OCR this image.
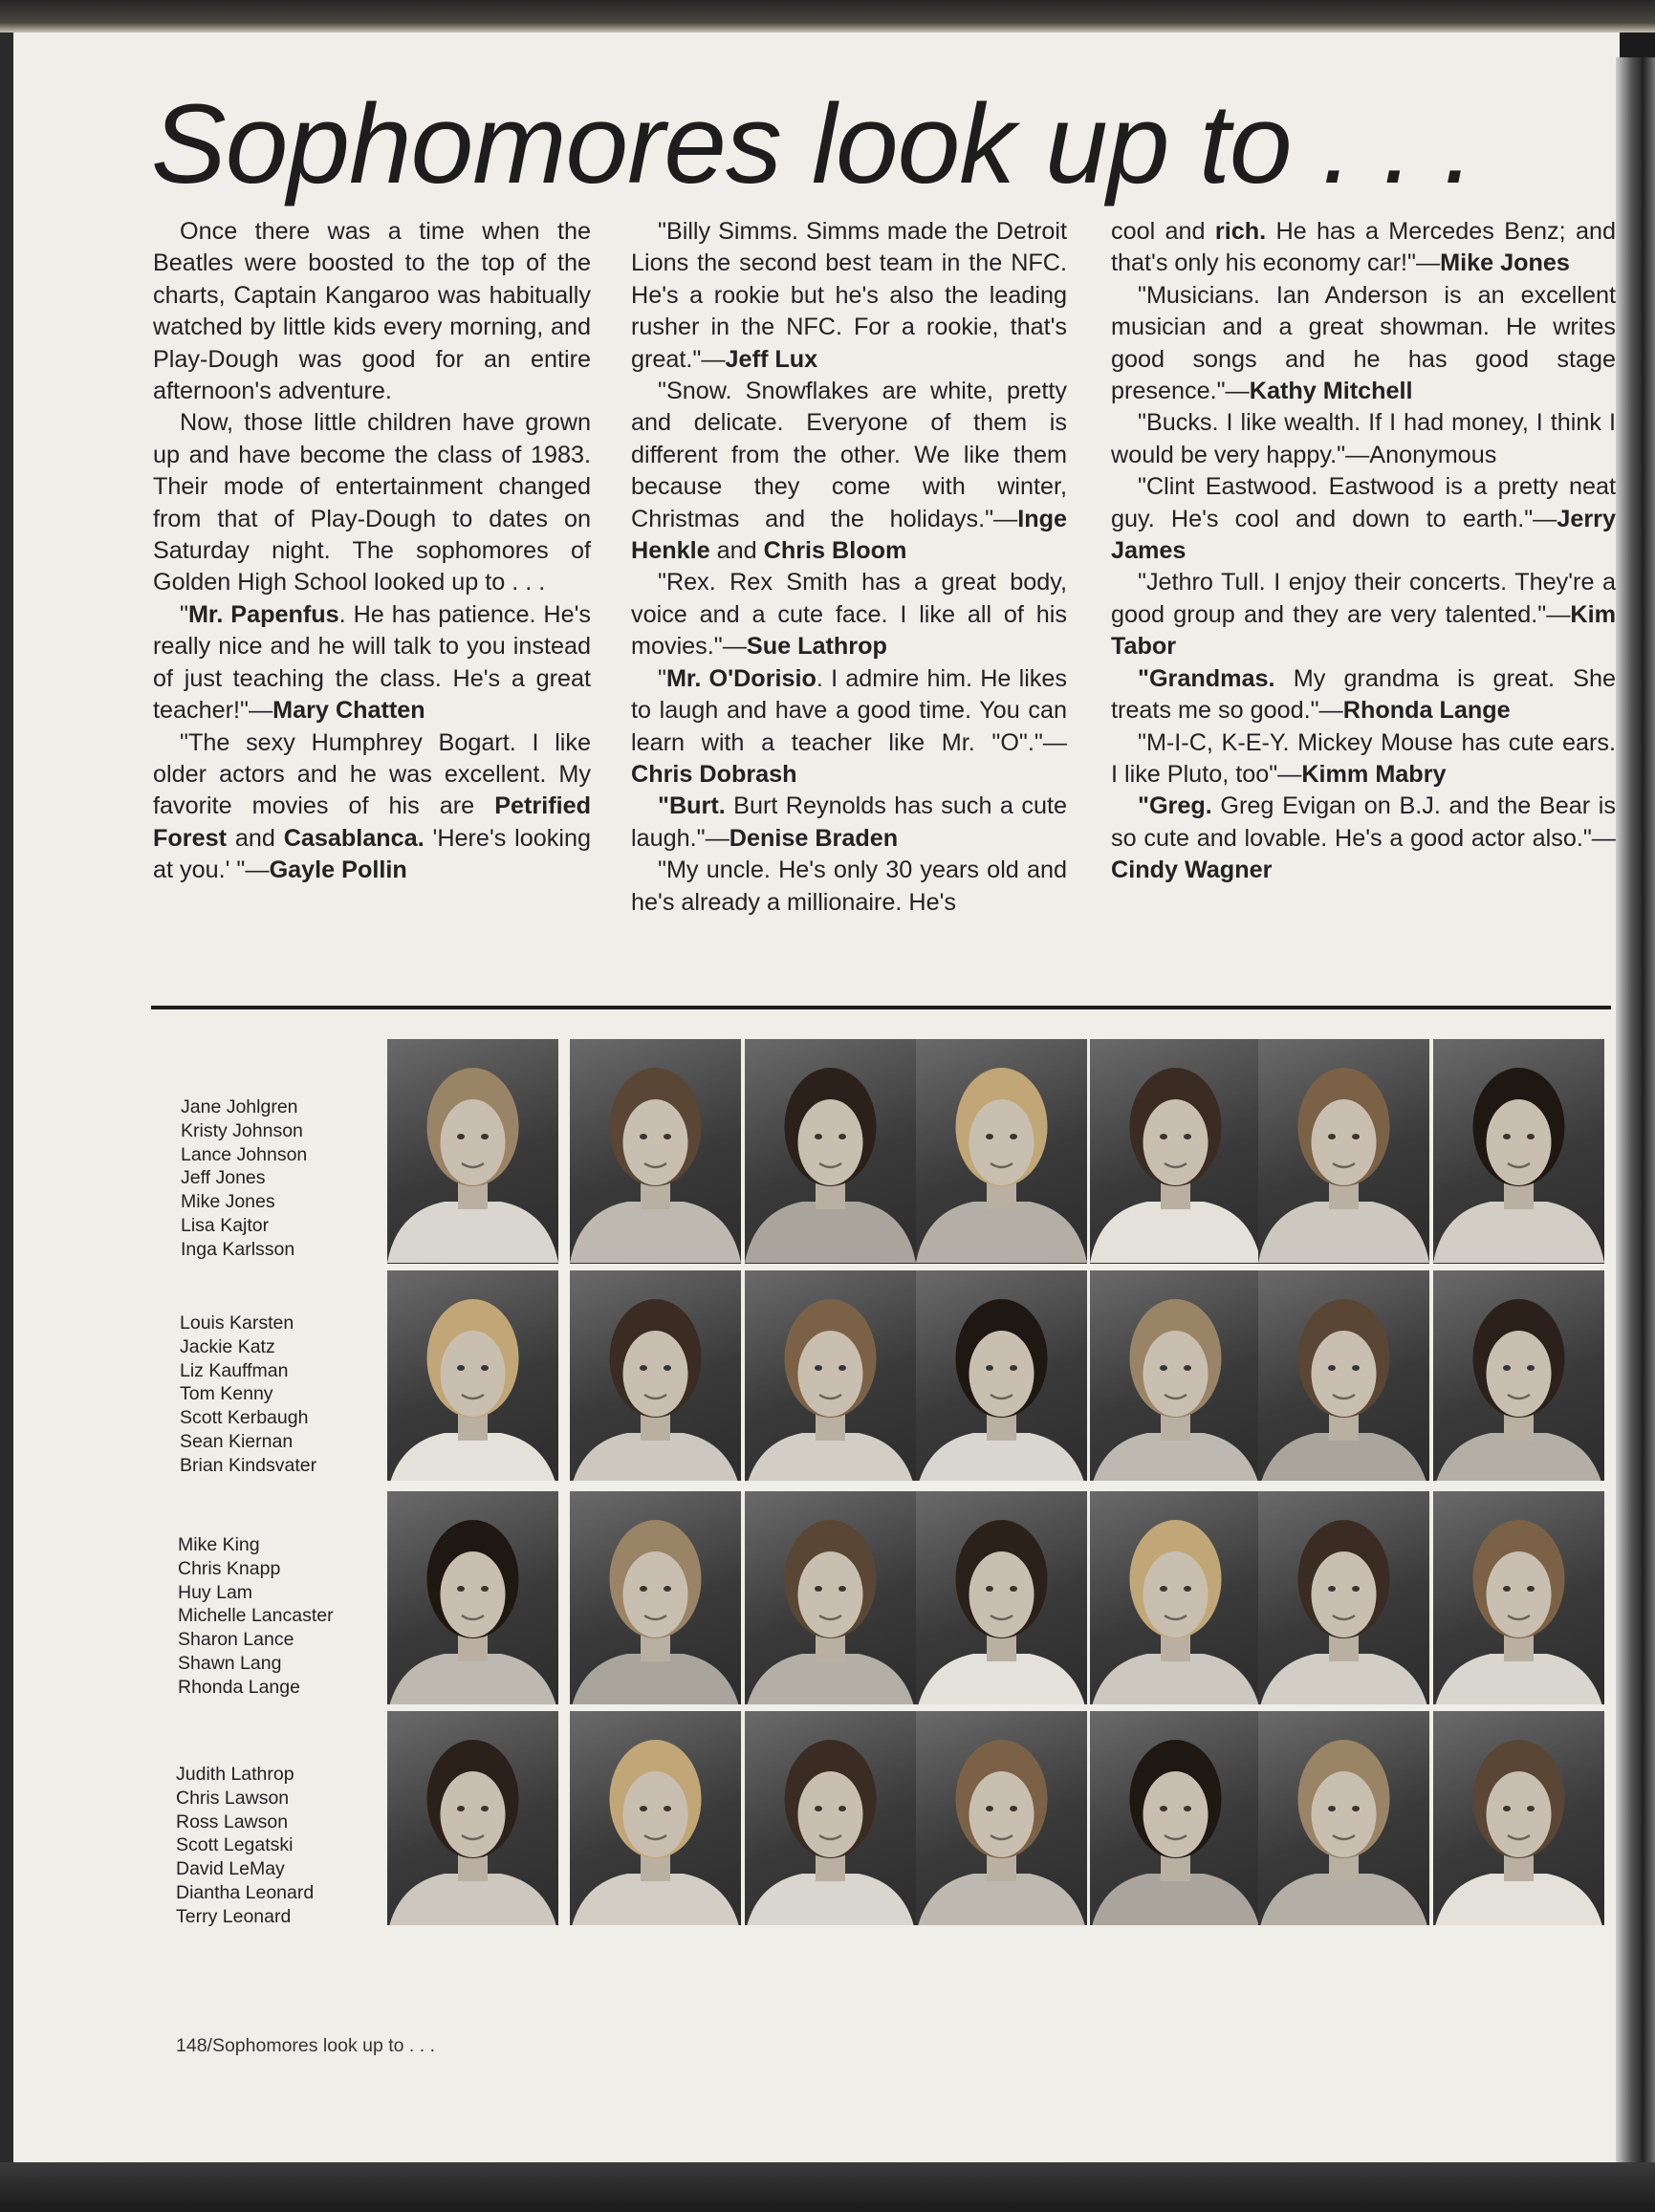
Sophomores look up to . . .

Once there was a time when the Beatles were boosted to the top of the charts, Captain Kangaroo was habitually watched by little kids every morning, and Play-Dough was good for an entire afternoon's adventure.

Now, those little children have grown up and have become the class of 1983. Their mode of entertainment changed from that of Play-Dough to dates on Saturday night. The sophomores of Golden High School looked up to . . .

"Mr. Papenfus. He has patience. He's really nice and he will talk to you instead of just teaching the class. He's a great teacher!"—Mary Chatten

"The sexy Humphrey Bogart. I like older actors and he was excellent. My favorite movies of his are Petrified Forest and Casablanca. 'Here's looking at you.' "—Gayle Pollin

"Billy Simms. Simms made the Detroit Lions the second best team in the NFC. He's a rookie but he's also the leading rusher in the NFC. For a rookie, that's great."—Jeff Lux

"Snow. Snowflakes are white, pretty and delicate. Everyone of them is different from the other. We like them because they come with winter, Christmas and the holidays."—Inge Henkle and Chris Bloom

"Rex. Rex Smith has a great body, voice and a cute face. I like all of his movies."—Sue Lathrop

"Mr. O'Dorisio. I admire him. He likes to laugh and have a good time. You can learn with a teacher like Mr. "O"."—Chris Dobrash

"Burt. Burt Reynolds has such a cute laugh."—Denise Braden

"My uncle. He's only 30 years old and he's already a millionaire. He's

cool and rich. He has a Mercedes Benz; and that's only his economy car!"—Mike Jones

"Musicians. Ian Anderson is an excellent musician and a great showman. He writes good songs and he has good stage presence."—Kathy Mitchell

"Bucks. I like wealth. If I had money, I think I would be very happy."—Anonymous

"Clint Eastwood. Eastwood is a pretty neat guy. He's cool and down to earth."—Jerry James

"Jethro Tull. I enjoy their concerts. They're a good group and they are very talented."—Kim Tabor

"Grandmas. My grandma is great. She treats me so good."—Rhonda Lange

"M-I-C, K-E-Y. Mickey Mouse has cute ears. I like Pluto, too"—Kimm Mabry

"Greg. Greg Evigan on B.J. and the Bear is so cute and lovable. He's a good actor also."—Cindy Wagner

Jane Johlgren
Kristy Johnson
Lance Johnson
Jeff Jones
Mike Jones
Lisa Kajtor
Inga Karlsson
Louis Karsten
Jackie Katz
Liz Kauffman
Tom Kenny
Scott Kerbaugh
Sean Kiernan
Brian Kindsvater
Mike King
Chris Knapp
Huy Lam
Michelle Lancaster
Sharon Lance
Shawn Lang
Rhonda Lange
Judith Lathrop
Chris Lawson
Ross Lawson
Scott Legatski
David LeMay
Diantha Leonard
Terry Leonard
148/Sophomores look up to . . .
